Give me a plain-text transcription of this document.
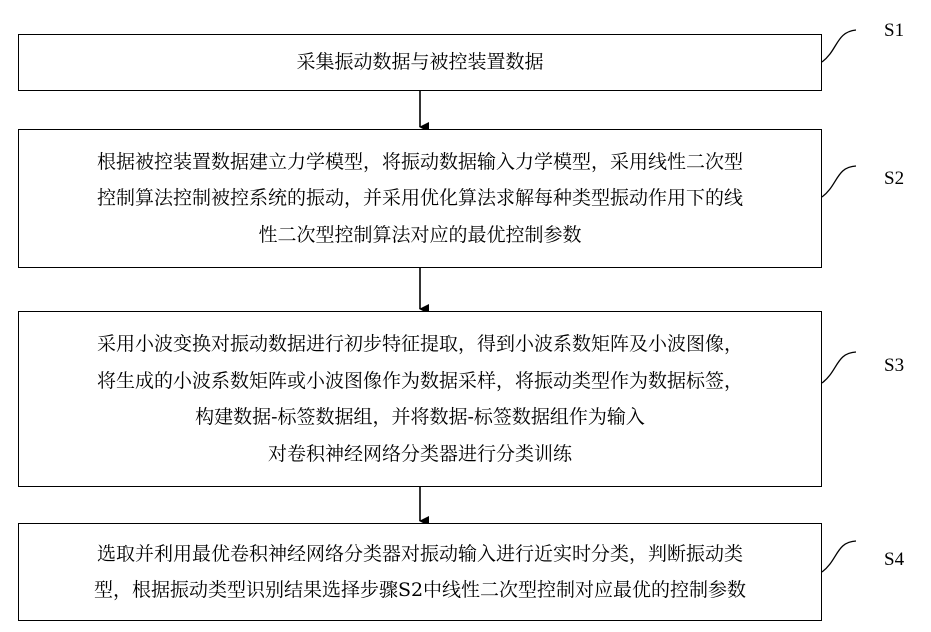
采集振动数据与被控装置数据
S1
根据被控装置数据建立力学模型，将振动数据输入力学模型，采用线性二次型
控制算法控制被控系统的振动，并采用优化算法求解每种类型振动作用下的线
性二次型控制算法对应的最优控制参数
S2
采用小波变换对振动数据进行初步特征提取，得到小波系数矩阵及小波图像，
将生成的小波系数矩阵或小波图像作为数据采样，将振动类型作为数据标签，
构建数据-标签数据组，并将数据-标签数据组作为输入
对卷积神经网络分类器进行分类训练
S3
选取并利用最优卷积神经网络分类器对振动输入进行近实时分类，判断振动类
型，根据振动类型识别结果选择步骤S2中线性二次型控制对应最优的控制参数
S4
